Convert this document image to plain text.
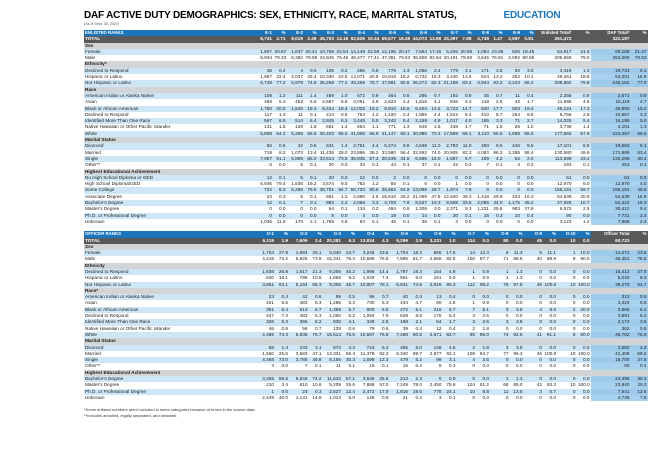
DAF ACTIVE DUTY DEMOGRAPHICS: SEX, ETHNICITY, RACE, MARITAL STATUS,	EDUCATION
(As of Sept. 30, 2022)
ENLISTED RANKS	E-1	%	E-2	%	E-3	%	E-4	%	E-5	%	E-6	%	E-7	%	E-8	%	E-9	%	Enlisted Total*	%	DAF Total*	%
TOTAL	8,741	2.71	8,019	2.49	45,703	14.18	62,626	19.44	59,577	18.49	44,073	13.68	25,397	7.88	4,739	1.47	2,597	0.81	261,472		322,197	
Sex																						
Female	1,807	20.67	1,637	20.41	10,758	23.54	14,149	22.59	12,196	20.47	7,564	17.16	5,206	20.50	1,094	23.09	505	19.45	54,917	21.0	69,188	21.47
Male	6,934	79.33	6,382	79.59	34,945	76.46	48,477	77.41	47,381	79.53	36,509	82.84	20,191	79.50	3,645	76.91	2,092	80.55	206,555	79.0	253,009	78.53
Ethnicity*																						
Declined to Respond	36	0.4	4	0.0	105	0.2	286	0.5	778	1.3	1,066	2.4	779	3.1	171	3.6	92	3.5	3,319	1.3	19,731	6.1
Hispanic or Latino	1,957	22.4	2,037	25.4	10,330	22.6	13,071	20.9	10,818	18.2	6,732	15.3	3,430	13.5	624	13.2	262	10.1	49,261	18.8	54,301	16.9
Not Hispanic or Latino	6,748	77.2	5,978	74.5	35,268	77.2	49,269	78.7	47,981	80.5	36,273	82.3	21,188	83.4	3,944	83.2	2,243	86.4	208,892	79.9	248,162	77.0
Race																						
American Indian or Alaska Native	109	1.2	111	1.4	469	1.0	572	0.9	464	0.8	295	0.7	192	0.8	35	0.7	11	0.4	2,258	0.9	2,571	0.8
Asian	459	5.3	452	5.6	2,687	5.9	3,051	4.9	2,623	4.4	1,816	4.1	846	3.3	118	2.5	43	1.7	11,695	4.5	15,119	4.7
Black or African American	1,750	20.0	1,545	19.3	8,424	18.4	12,025	19.2	9,910	16.6	6,404	14.5	3,723	14.7	840	17.7	503	19.4	45,124	17.3	48,990	15.2
Declined to Respond	117	1.3	11	0.1	214	0.5	763	1.2	1,420	2.4	1,955	4.4	1,622	6.4	410	8.7	254	9.8	6,766	2.6	10,657	3.3
Identified More Than One Race	567	6.5	514	6.4	2,845	6.2	3,445	5.5	3,242	5.4	2,169	4.9	1,017	4.0	155	3.3	71	2.7	14,025	5.4	16,199	5.0
Native Hawaiian or Other Pacific Islander	131	1.5	128	1.6	661	1.4	664	1.1	771	1.3	649	1.5	438	1.7	71	1.5	26	1.0	3,739	1.4	4,101	1.3
White	5,608	64.2	5,258	65.6	30,403	66.5	41,906	66.9	41,147	69.1	30,985	70.3	17,559	69.1	3,110	65.6	1,689	65.0	177,665	67.9	224,367	69.6
Marital Status																						
Divorced	56	0.6	42	0.5	631	1.4	2,761	4.4	5,274	8.8	4,848	11.0	2,793	11.0	450	9.5	246	9.5	17,101	6.5	19,683	6.1
Married	718	8.2	1,073	13.4	11,438	25.0	23,896	38.2	33,580	56.4	32,592	74.0	20,905	82.3	4,083	86.2	2,295	88.4	130,580	49.9	171,989	53.4
Single	7,967	91.1	6,899	86.0	33,614	73.5	35,935	57.4	20,639	34.6	6,596	15.0	1,697	6.7	199	4.2	52	2.0	113,598	43.4	130,298	40.4
Other**	0	0.0	5	0.1	20	0.0	34	0.1	44	0.1	37	0.1	42	0.2	7	0.1	4	0.2	193	0.1	253	0.1
Highest Educational Achievement																						
No High School Diploma or GED	12	0.1	5	0.1	20	0.0	22	0.0	2	0.0	0	0.0	0	0.0	0	0.0	0	0.0	61	0.0	61	0.0
High School Diploma/GED	6,936	79.4	1,536	19.2	3,674	8.0	762	1.2	55	0.1	6	0.0	1	0.0	0	0.0	0	0.0	12,970	5.0	12,970	4.0
Some College	722	8.3	6,296	78.5	38,701	84.7	56,720	90.6	38,682	64.9	13,096	29.7	1,974	7.8	0	0.0	0	0.0	156,191	59.7	156,191	48.5
Associate Degree	23	0.3	5	0.1	581	1.3	2,890	4.6	15,610	26.2	21,069	47.8	12,520	49.3	1,418	29.9	423	16.3	54,539	20.9	54,539	16.9
Bachelor's Degree	12	0.1	7	0.1	983	2.2	2,066	3.3	4,709	7.9	8,527	19.3	8,508	33.5	2,085	44.0	1,175	45.2	27,926	10.7	52,422	16.3
Master's Degree	0	0.0	0	0.0	64	0.1	134	0.2	494	0.8	1,305	3.0	2,371	9.3	1,221	25.8	983	37.9	6,572	2.5	30,412	9.4
Ph.D. or Professional Degree	0	0.0	0	0.0	8	0.0	4	0.0	19	0.0	14	0.0	20	0.1	15	0.3	10	0.4	90	0.0	7,731	2.4
Unknown	1,036	11.9	170	2.1	1,769	3.9	63	0.1	46	0.1	36	0.1	3	0.0	0	0.0	0	0.0	3,123	1.2	7,868	2.4
OFFICER RANKS	O-1	%	O-2	%	O-3	%	O-4	%	O-5	%	O-6	%	O-7	%	O-8	%	O-9	%	O-10	%	Officer Total	%
TOTAL	6,119	1.9	7,609	2.4	20,381	6.3	13,834	4.3	9,299	2.9	3,231	1.0	114	0.0	80	0.0	45	0.0	10	0.0	60,722	
Sex																						
Female	1,704	27.9	1,984	26.1	5,040	24.7	3,245	23.5	1,704	18.3	565	17.5	14	12.3	9	11.3	5	11.1	1	10.0	14,271	23.5
Male	4,415	72.2	5,625	73.9	15,341	75.3	10,589	76.5	7,595	81.7	2,666	82.5	100	87.7	71	88.8	40	88.9	9	90.0	46,451	76.5
Ethnicity																						
Declined to Respond	1,638	26.8	1,617	21.3	9,206	45.2	1,998	14.4	1,797	19.3	154	4.8	1	0.9	1	1.3	0	0.0	0	0.0	16,412	27.0
Hispanic or Latino	620	10.1	798	10.5	1,869	9.2	1,029	7.4	561	6.0	161	5.0	1	0.9	1	1.3	0	0.0	0	0.0	5,040	8.3
Not Hispanic or Latino	3,861	63.1	5,194	68.3	9,306	45.7	10,807	78.1	6,941	74.6	2,916	90.3	112	98.2	78	97.5	45	100.0	10	100.0	39,270	64.7
Race*																						
American Indian or Alaska Native	23	0.4	42	0.6	99	0.5	96	0.7	40	0.4	13	0.4	0	0.0	0	0.0	0	0.0	0	0.0	313	0.5
Asian	401	6.6	483	6.3	1,285	6.3	730	5.3	434	4.7	90	2.8	1	0.9	0	0.0	0	0.0	0	0.0	3,424	5.6
Black or African American	391	6.4	513	6.7	1,359	6.7	900	6.5	472	5.1	215	6.7	7	6.1	3	3.8	4	8.9	2	20.0	3,866	6.4
Declined to Respond	447	7.3	483	6.3	1,060	5.2	1,094	7.9	629	6.8	175	5.4	3	2.6	0	0.0	0	0.0	0	0.0	3,891	6.4
Identified More Than One Race	326	5.3	396	5.2	830	4.1	348	2.5	198	2.1	54	1.7	3	2.6	3	3.8	0	0.0	0	0.0	2,174	3.6
Native Hawaiian or Other Pacific Islander	46	0.8	56	0.7	128	0.6	79	0.6	39	0.4	12	0.4	2	1.8	0	0.0	0	0.0	0	0.0	362	0.6
White	4,485	73.3	5,836	76.7	15,614	76.6	10,587	76.5	7,488	80.5	2,671	82.7	98	86.0	74	92.5	41	91.1	8	80.0	46,702	76.9
Marital Status																						
Divorced	88	1.4	233	3.1	873	4.3	743	5.4	465	5.0	146	4.5	2	1.8	3	3.8	0	0.0	0	0.0	2,582	4.2
Married	1,560	25.5	3,583	47.1	13,331	65.4	11,378	82.2	8,340	89.7	2,977	92.1	108	94.7	77	96.3	45	100.0	10	100.0	41,409	68.2
Single	4,468	73.0	3,786	49.8	6,166	30.3	1,698	12.3	479	5.2	99	3.1	4	3.5	0	0.0	0	0.0	0	0.0	16,700	27.5
Other**	3	0.0	7	0.1	11	0.1	15	0.1	15	0.2	9	0.3	0	0.0	0	0.0	0	0.0	0	0.0	60	0.1
Highest Educational Achievement																						
Bachelor's Degree	3,459	56.5	5,645	74.2	11,632	57.1	3,546	25.6	213	2.3	0	0.0	0	0.0	1	1.3	0	0.0	0	0.0	24,496	40.3
Master's Degree	210	3.4	810	10.6	5,209	25.6	7,888	57.0	7,249	78.0	2,450	75.8	104	91.2	68	85.0	42	93.3	10	100.0	23,840	39.3
Ph.D. or Professional Degree	1	0.0	23	0.3	2,527	12.4	2,472	17.9	1,816	19.5	778	24.1	10	8.8	11	13.8	3	6.7	0	0.0	7,641	12.6
Unknown	2,449	40.0	1,131	14.9	1,013	5.0	128	0.9	21	0.2	3	0.1	0	0.0	0	0.0	0	0.0	0	0.0	4,745	7.8
*Some enlisted numbers aren't included in some categories because of errors in the source data.
**Includes annulled, legally separated, and widowed.
